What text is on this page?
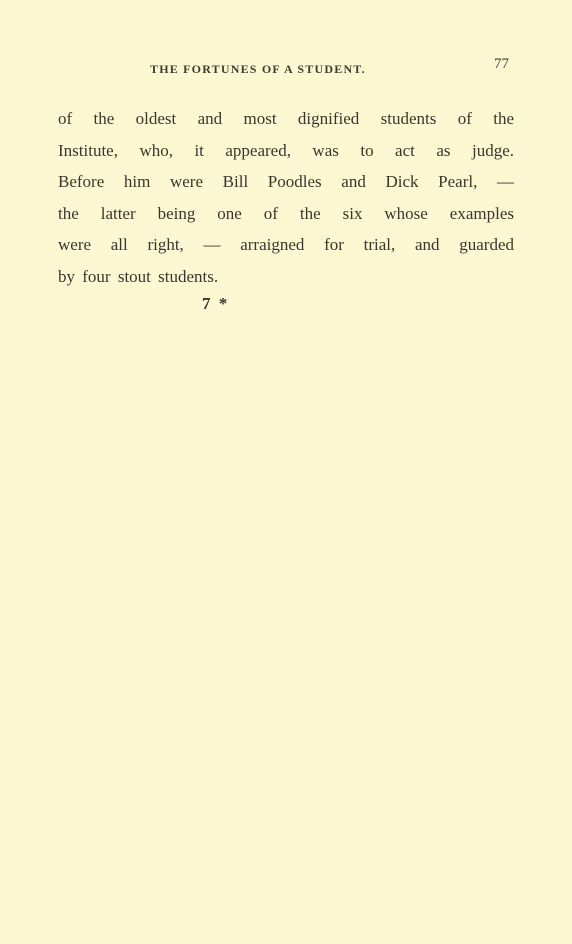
THE FORTUNES OF A STUDENT.	77
of the oldest and most dignified students of the
Institute, who, it appeared, was to act as judge.
Before him were Bill Poodles and Dick Pearl, —
the latter being one of the six whose examples
were all right, — arraigned for trial, and guarded
by four stout students.
7 *
